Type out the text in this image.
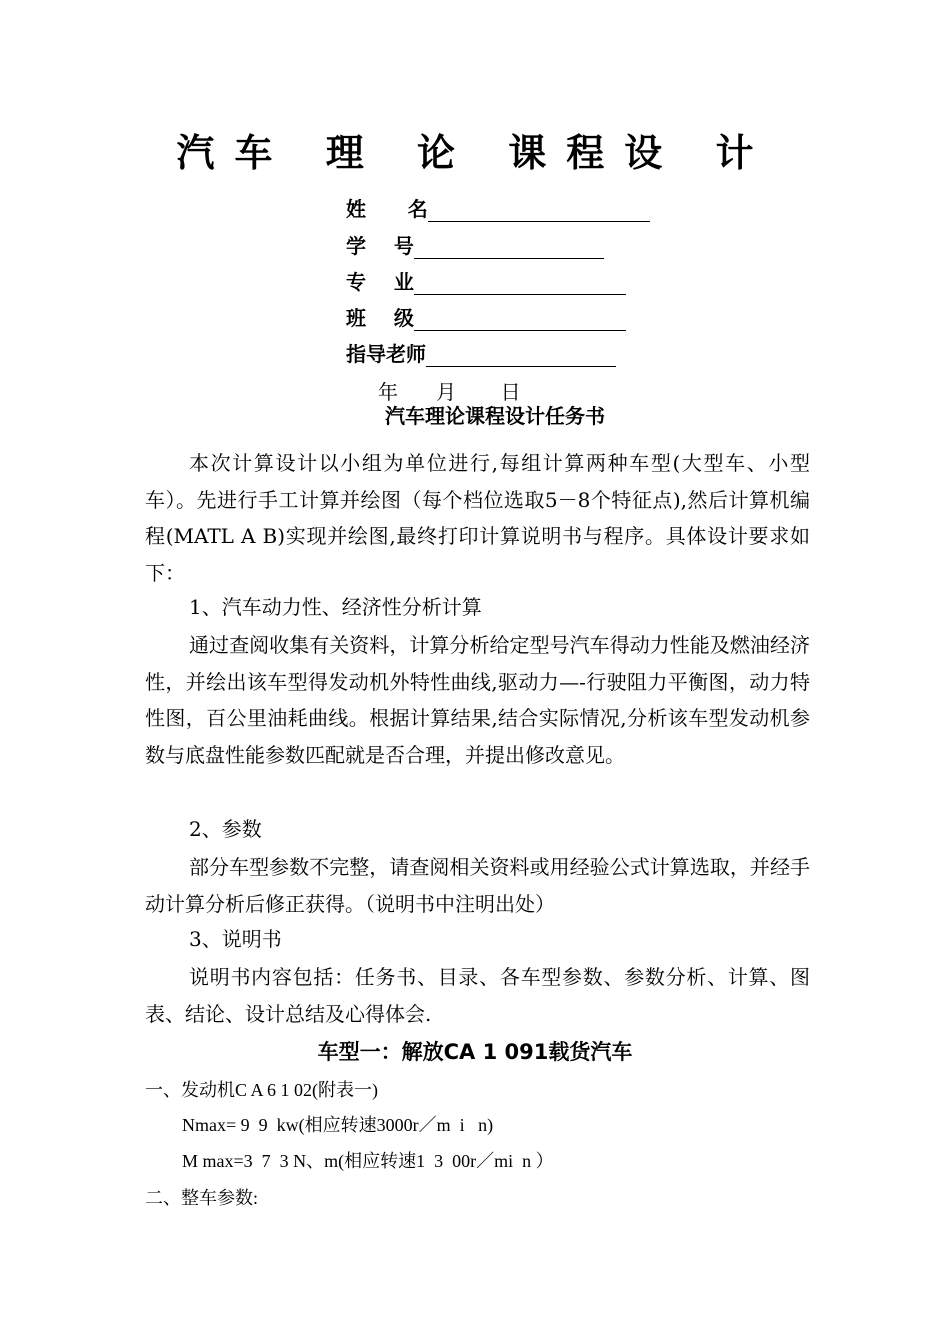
汽车 理 论 课程设 计
姓      名
学    号
专    业
班    级
指导老师
年      月       日
汽车理论课程设计任务书

本次计算设计以小组为单位进行,每组计算两种车型(大型车、小型车）。先进行手工计算并绘图（每个档位选取5－8个特征点),然后计算机编程(MATL A B)实现并绘图,最终打印计算说明书与程序。具体设计要求如下：

1、汽车动力性、经济性分析计算

通过查阅收集有关资料，计算分析给定型号汽车得动力性能及燃油经济性，并绘出该车型得发动机外特性曲线,驱动力—-行驶阻力平衡图，动力特性图，百公里油耗曲线。根据计算结果,结合实际情况,分析该车型发动机参数与底盘性能参数匹配就是否合理，并提出修改意见。

2、参数

部分车型参数不完整，请查阅相关资料或用经验公式计算选取，并经手动计算分析后修正获得。（说明书中注明出处）

3、说明书

说明书内容包括：任务书、目录、各车型参数、参数分析、计算、图表、结论、设计总结及心得体会.

车型一：解放CA 1 091载货汽车

一、发动机C A 6 1 02(附表一)

Nmax= 9  9  kw(相应转速3000r／m  i   n)

M max=3  7  3 N、m(相应转速1  3  00r／mi  n ）

二、整车参数:
